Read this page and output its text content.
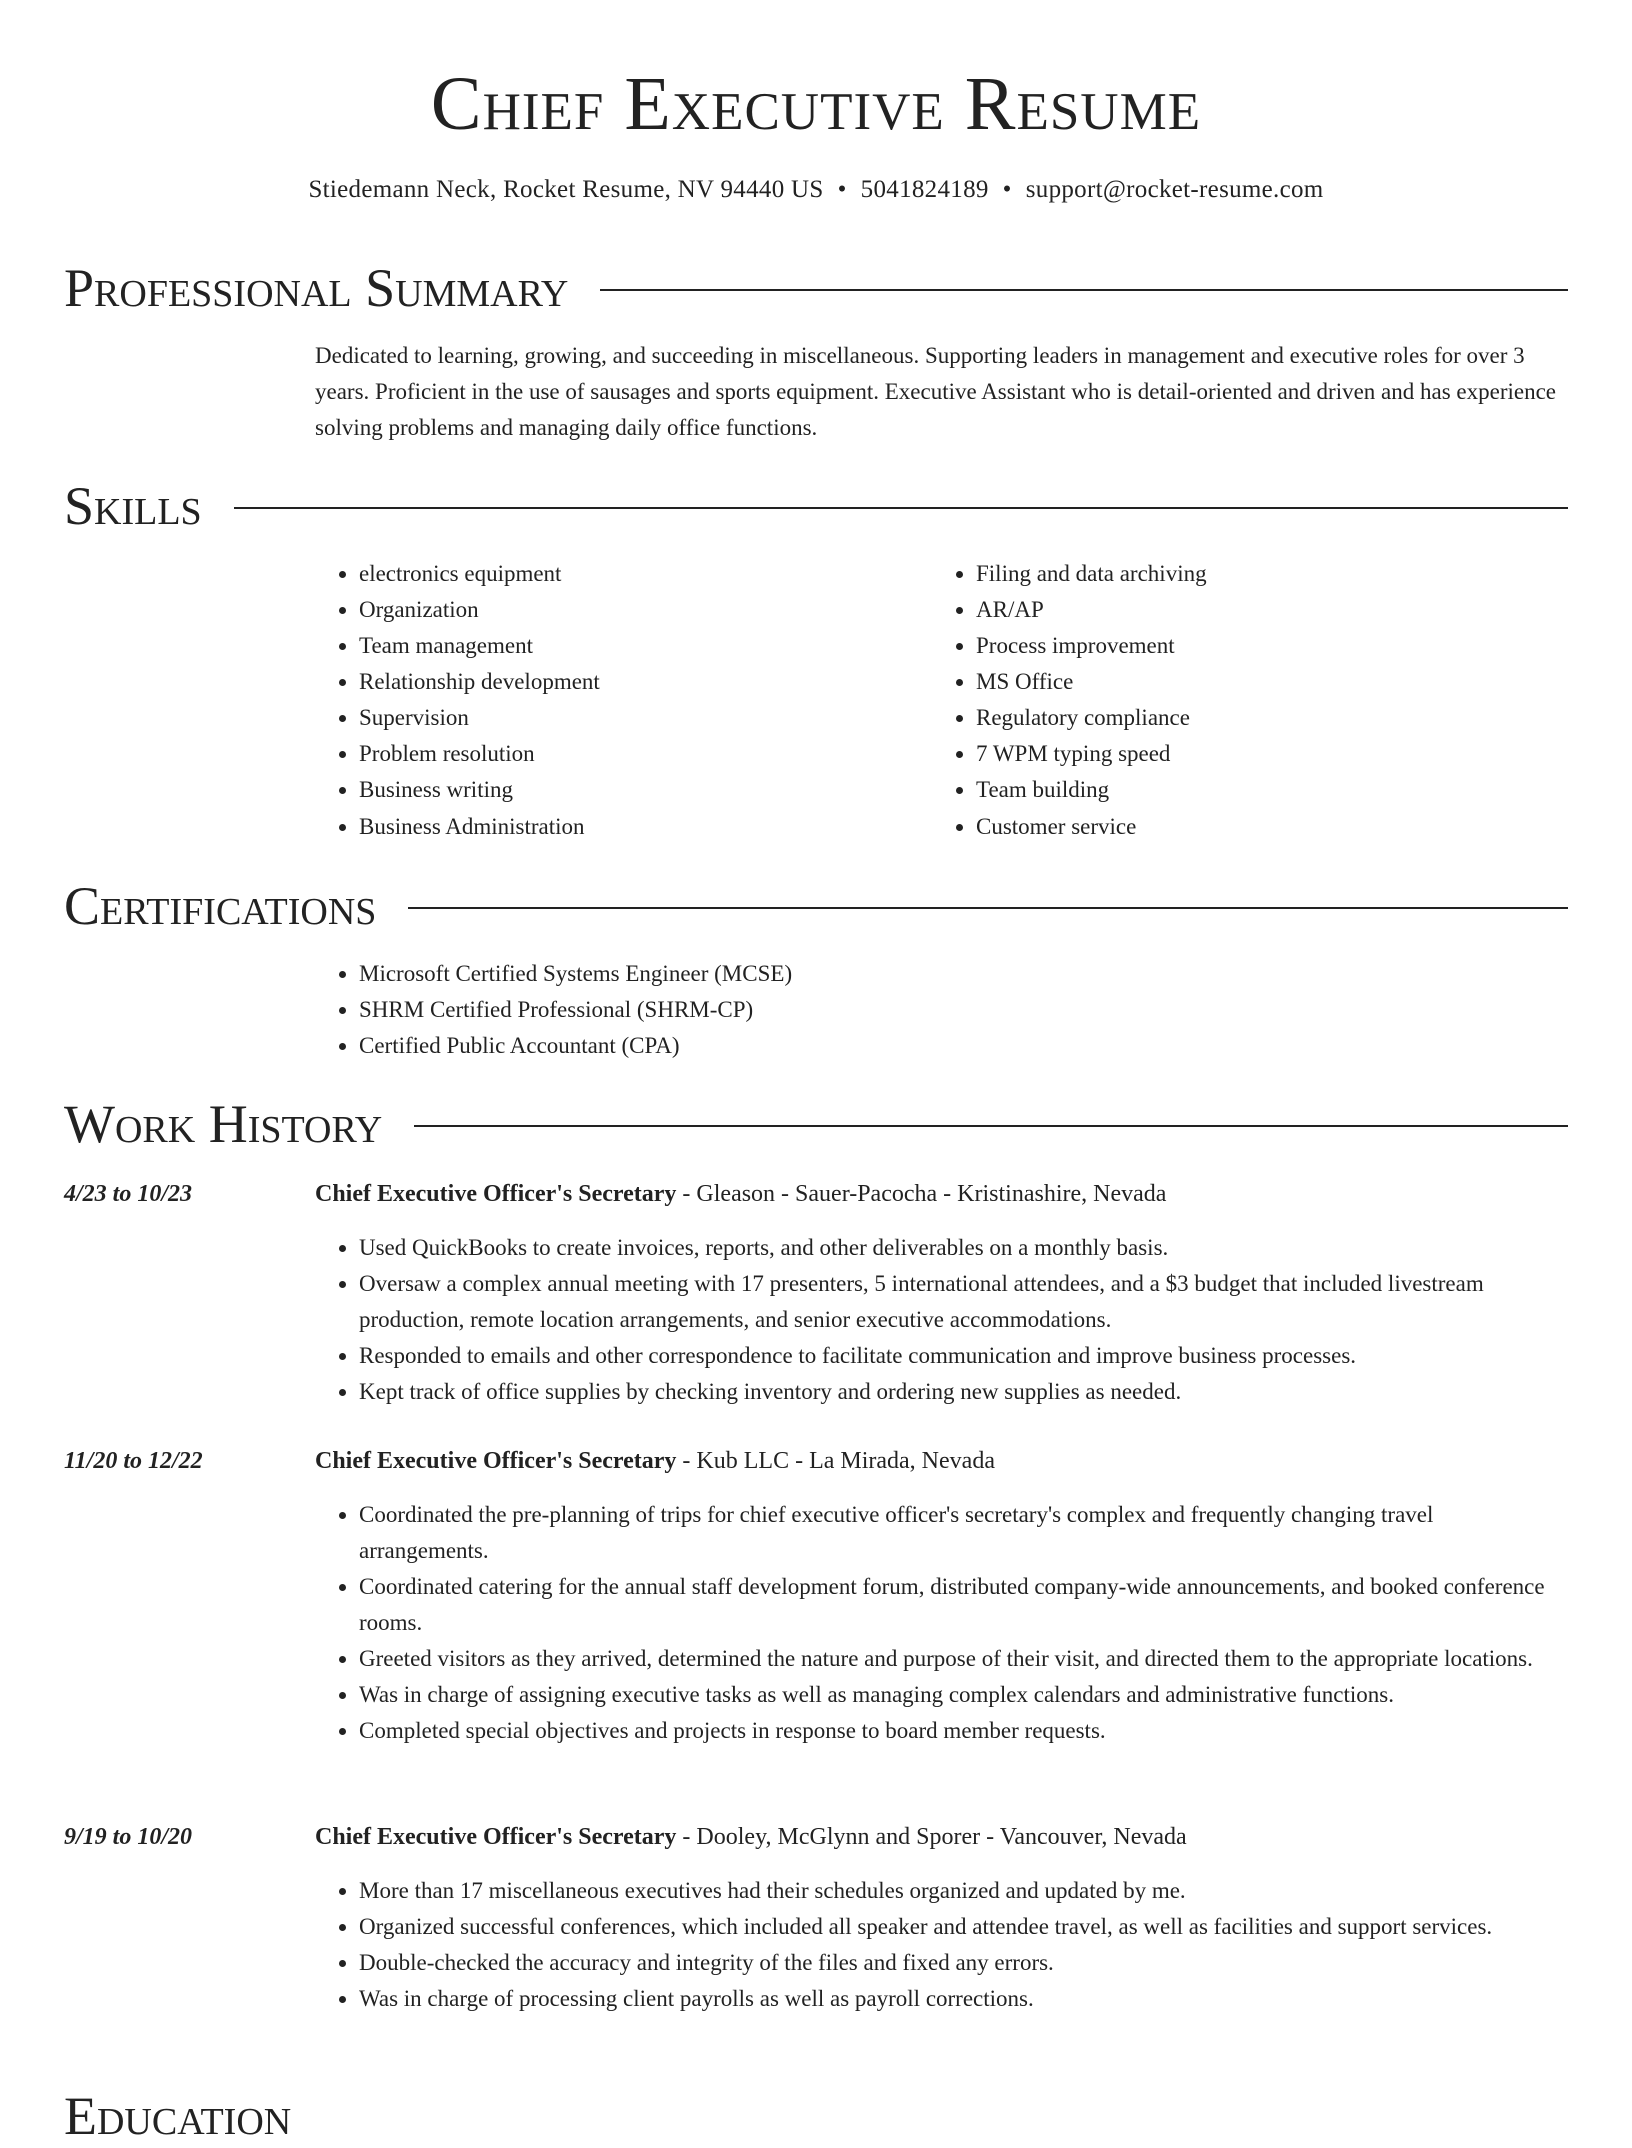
Chief Executive Resume
Stiedemann Neck, Rocket Resume, NV 94440 US • 5041824189 • support@rocket-resume.com
Professional Summary
Dedicated to learning, growing, and succeeding in miscellaneous. Supporting leaders in management and executive roles for over 3 years. Proficient in the use of sausages and sports equipment. Executive Assistant who is detail-oriented and driven and has experience solving problems and managing daily office functions.
Skills
• electronics equipment
• Organization
• Team management
• Relationship development
• Supervision
• Problem resolution
• Business writing
• Business Administration
• Filing and data archiving
• AR/AP
• Process improvement
• MS Office
• Regulatory compliance
• 7 WPM typing speed
• Team building
• Customer service
Certifications
• Microsoft Certified Systems Engineer (MCSE)
• SHRM Certified Professional (SHRM-CP)
• Certified Public Accountant (CPA)
Work History
4/23 to 10/23	Chief Executive Officer's Secretary - Gleason - Sauer-Pacocha - Kristinashire, Nevada
• Used QuickBooks to create invoices, reports, and other deliverables on a monthly basis.
• Oversaw a complex annual meeting with 17 presenters, 5 international attendees, and a $3 budget that included livestream production, remote location arrangements, and senior executive accommodations.
• Responded to emails and other correspondence to facilitate communication and improve business processes.
• Kept track of office supplies by checking inventory and ordering new supplies as needed.
11/20 to 12/22	Chief Executive Officer's Secretary - Kub LLC - La Mirada, Nevada
• Coordinated the pre-planning of trips for chief executive officer's secretary's complex and frequently changing travel arrangements.
• Coordinated catering for the annual staff development forum, distributed company-wide announcements, and booked conference rooms.
• Greeted visitors as they arrived, determined the nature and purpose of their visit, and directed them to the appropriate locations.
• Was in charge of assigning executive tasks as well as managing complex calendars and administrative functions.
• Completed special objectives and projects in response to board member requests.
9/19 to 10/20	Chief Executive Officer's Secretary - Dooley, McGlynn and Sporer - Vancouver, Nevada
• More than 17 miscellaneous executives had their schedules organized and updated by me.
• Organized successful conferences, which included all speaker and attendee travel, as well as facilities and support services.
• Double-checked the accuracy and integrity of the files and fixed any errors.
• Was in charge of processing client payrolls as well as payroll corrections.
Education
